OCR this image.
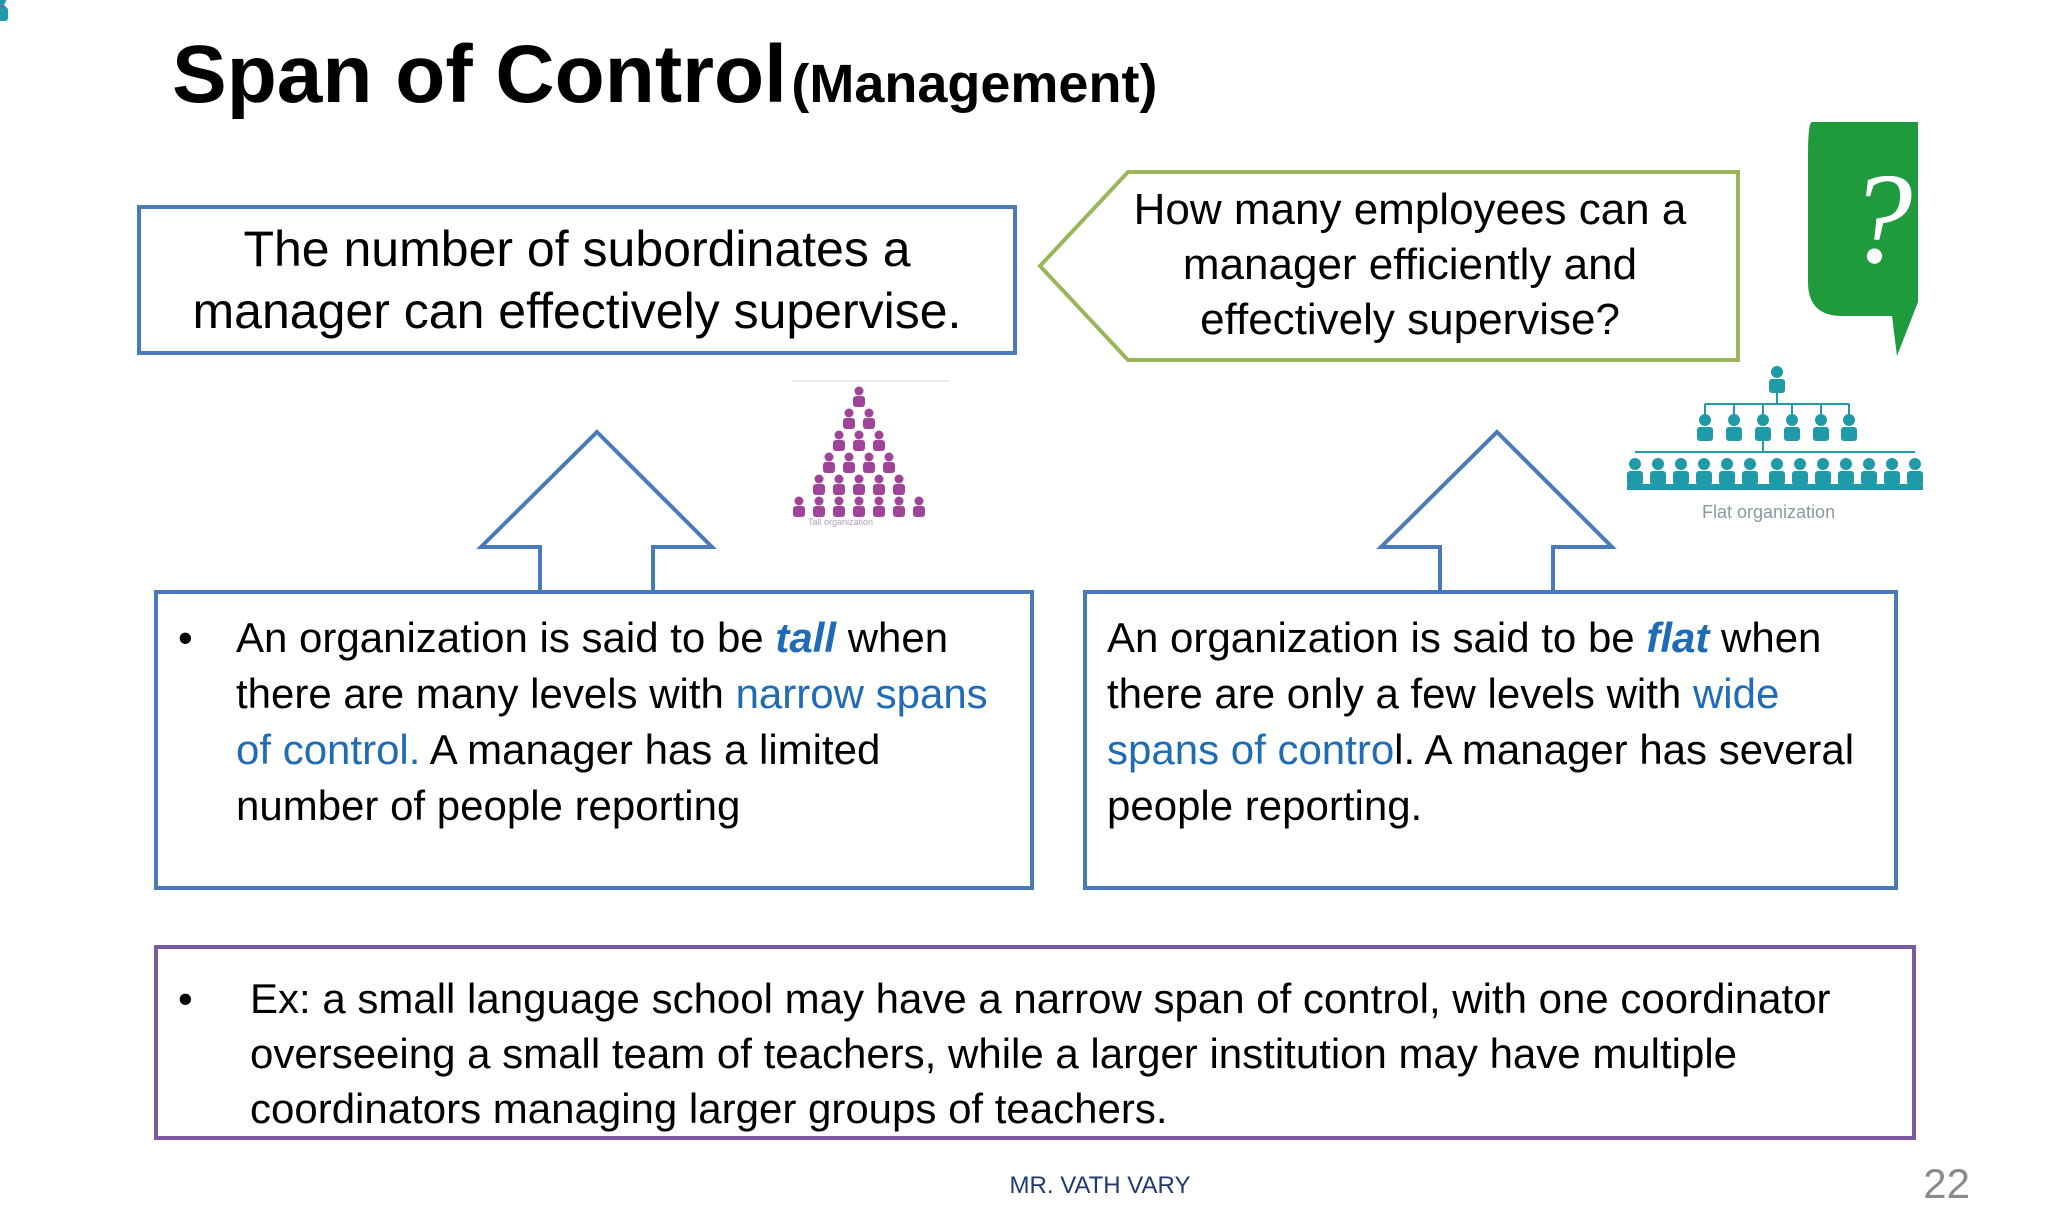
Span of Control (Management)
?
Tall organization	Flat organization
The number of subordinates a manager can effectively supervise.
How many employees can a manager efficiently and effectively supervise?
•	An organization is said to be tall when there are many levels with narrow spans of control. A manager has a limited number of people reporting
An organization is said to be flat when there are only a few levels with wide spans of control. A manager has several people reporting.
•	Ex: a small language school may have a narrow span of control, with one coordinator overseeing a small team of teachers, while a larger institution may have multiple coordinators managing larger groups of teachers.
MR. VATH VARY	22
